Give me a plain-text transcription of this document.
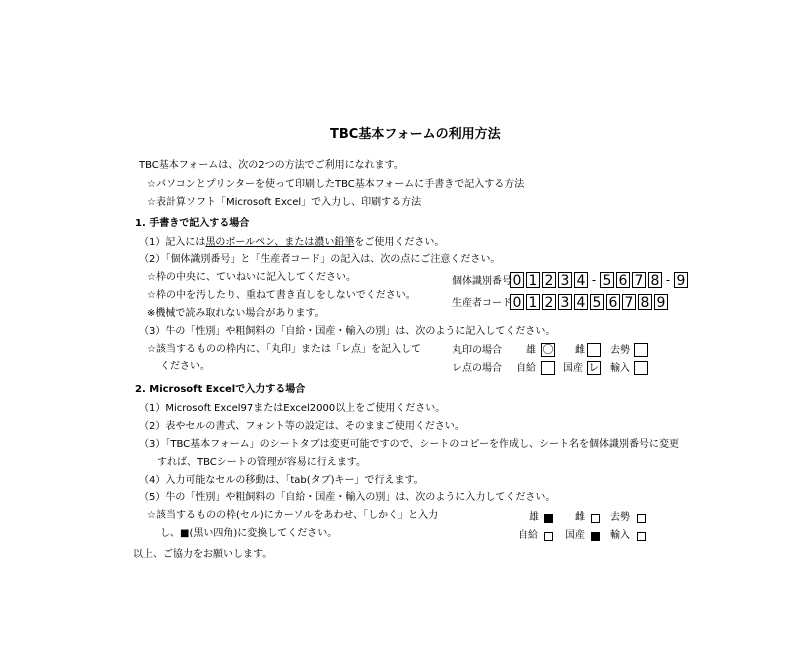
TBC基本フォームの利用方法
TBC基本フォームは、次の2つの方法でご利用になれます。
☆パソコンとプリンターを使って印刷したTBC基本フォームに手書きで記入する方法
☆表計算ソフト「Microsoft Excel」で入力し、印刷する方法
1. 手書きで記入する場合
（1）記入には黒のボールペン、または濃い鉛筆をご使用ください。
（2）「個体識別番号」と「生産者コード」の記入は、次の点にご注意ください。
☆枠の中央に、ていねいに記入してください。
☆枠の中を汚したり、重ねて書き直しをしないでください。
※機械で読み取れない場合があります。
（3）牛の「性別」や粗飼料の「自給・国産・輸入の別」は、次のように記入してください。
☆該当するものの枠内に、「丸印」または「レ点」を記入して
ください。
個体識別番号 0 1 2 3 4 - 5 6 7 8 - 9
生産者コード 0 1 2 3 4 5 6 7 8 9
丸印の場合 雄 〇 雌	去勢
レ点の場合 自給	国産 レ 輸入
2. Microsoft Excelで入力する場合
（1）Microsoft Excel97またはExcel2000以上をご使用ください。
（2）表やセルの書式、フォント等の設定は、そのままご使用ください。
（3）「TBC基本フォーム」のシートタブは変更可能ですので、シートのコピーを作成し、シート名を個体識別番号に変更
すれば、TBCシートの管理が容易に行えます。
（4）入力可能なセルの移動は、「tab(タブ)キー」で行えます。
（5）牛の「性別」や粗飼料の「自給・国産・輸入の別」は、次のように入力してください。
☆該当するものの枠(セル)にカーソルをあわせ、「しかく」と入力
し、■(黒い四角)に変換してください。
雄	雌	去勢
自給	国産	輸入
以上、ご協力をお願いします。
